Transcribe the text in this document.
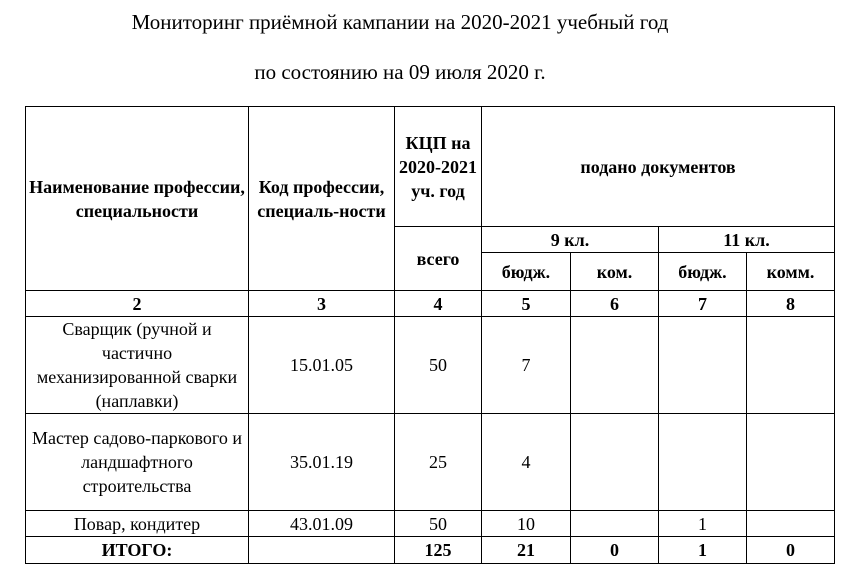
Мониторинг приёмной кампании на 2020-2021 учебный год
по состоянию на 09 июля 2020 г.
Наименование профессии, специальности	Код профессии, специаль-ности	КЦП на 2020-2021 уч. год	подано документов			
		всего	9 кл.		11 кл.	
			бюдж.	ком.	бюдж.	комм.
2	3	4	5	6	7	8
Сварщик (ручной и частично механизированной сварки (наплавки)	15.01.05	50	7			
Мастер садово-паркового и ландшафтного строительства	35.01.19	25	4			
Повар, кондитер	43.01.09	50	10		1	
ИТОГО:		125	21	0	1	0
